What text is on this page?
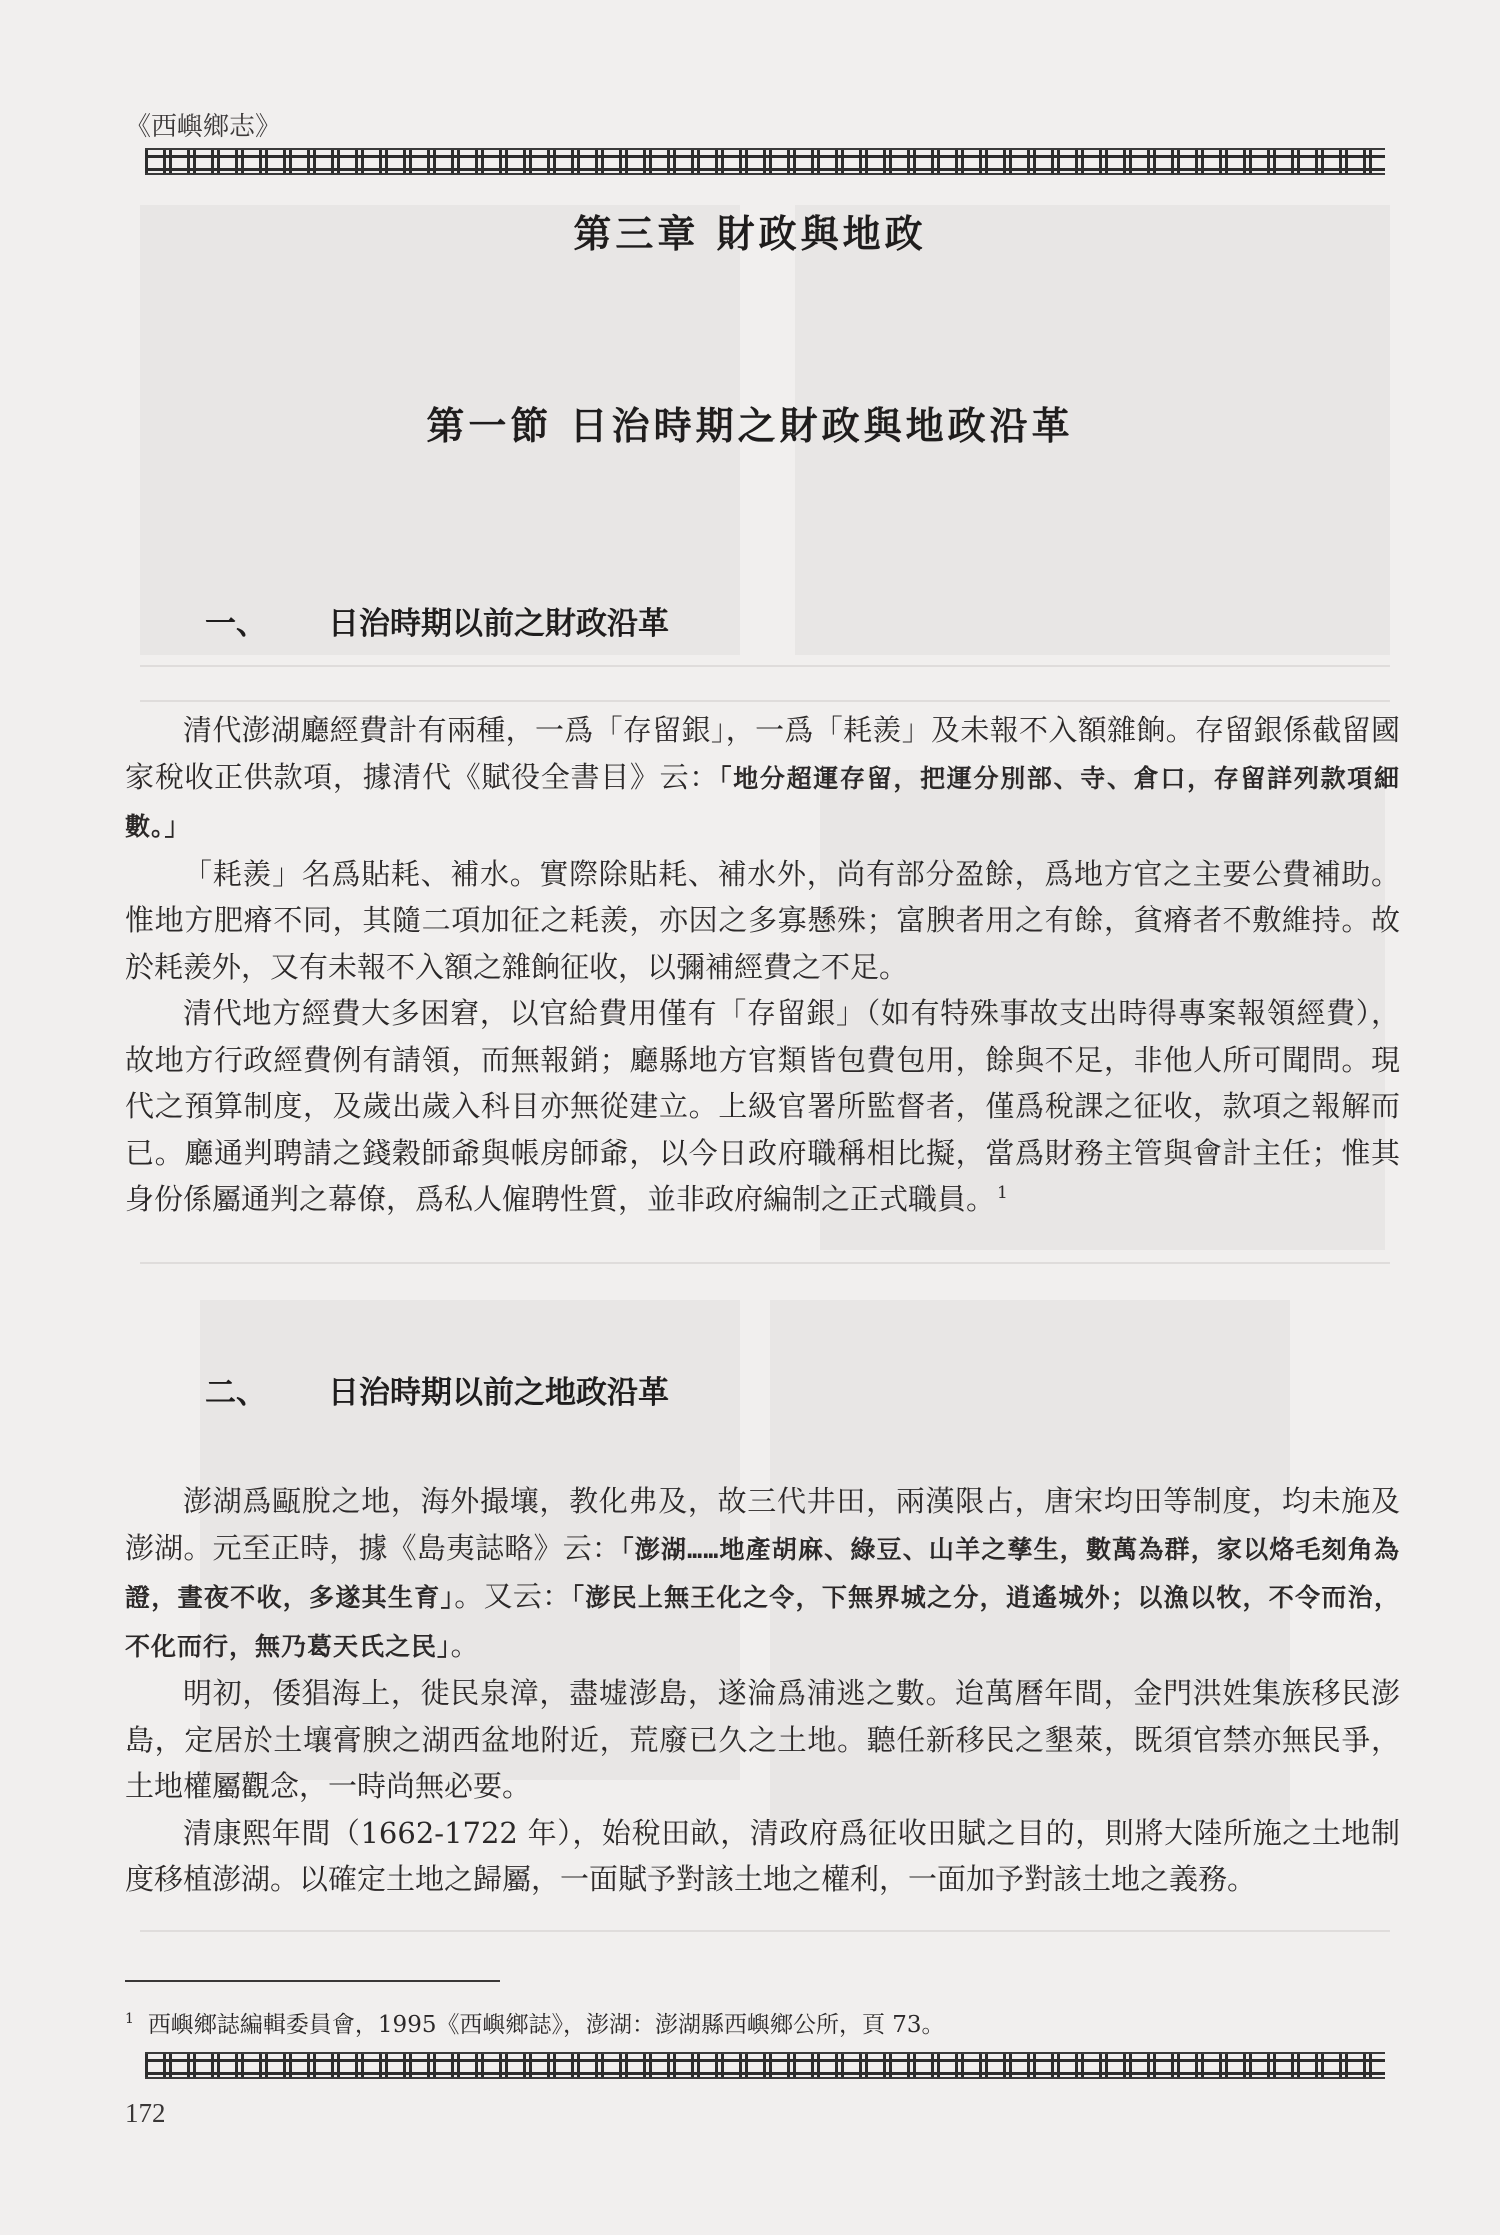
《西嶼鄉志》
第三章 財政與地政
第一節 日治時期之財政與地政沿革
一、 日治時期以前之財政沿革

清代澎湖廳經費計有兩種，一爲「存留銀」，一爲「耗羨」及未報不入額雜餉。存留銀係截留國家稅收正供款項，據清代《賦役全書目》云：「地分超運存留，把運分別部、寺、倉口，存留詳列款項細數。」

「耗羨」名爲貼耗、補水。實際除貼耗、補水外，尚有部分盈餘，爲地方官之主要公費補助。惟地方肥瘠不同，其隨二項加征之耗羨，亦因之多寡懸殊；富腴者用之有餘，貧瘠者不敷維持。故於耗羨外，又有未報不入額之雜餉征收，以彌補經費之不足。

清代地方經費大多困窘，以官給費用僅有「存留銀」（如有特殊事故支出時得專案報領經費），故地方行政經費例有請領，而無報銷；廳縣地方官類皆包費包用，餘與不足，非他人所可聞問。現代之預算制度，及歲出歲入科目亦無從建立。上級官署所監督者，僅爲稅課之征收，款項之報解而已。廳通判聘請之錢穀師爺與帳房師爺，以今日政府職稱相比擬，當爲財務主管與會計主任；惟其身份係屬通判之幕僚，爲私人僱聘性質，並非政府編制之正式職員。 $^1$

二、 日治時期以前之地政沿革

澎湖爲甌脫之地，海外撮壤，教化弗及，故三代井田，兩漢限占，唐宋均田等制度，均未施及澎湖。元至正時，據《島夷誌略》云：「澎湖……地產胡麻、綠豆、山羊之孳生，數萬為群，家以烙毛刻角為證，晝夜不收，多遂其生育」。又云：「澎民上無王化之令，下無界城之分，逍遙城外；以漁以牧，不令而治，不化而行，無乃葛天氏之民」。

明初，倭猖海上，徙民泉漳，盡墟澎島，遂淪爲浦逃之數。迨萬曆年間，金門洪姓集族移民澎島，定居於土壤膏腴之湖西盆地附近，荒廢已久之土地。聽任新移民之墾萊，既須官禁亦無民爭，土地權屬觀念，一時尚無必要。

清康熙年間（1662-1722 年），始稅田畝，清政府爲征收田賦之目的，則將大陸所施之土地制度移植澎湖。以確定土地之歸屬，一面賦予對該土地之權利，一面加予對該土地之義務。

$^1$ 西嶼鄉誌編輯委員會，1995《西嶼鄉誌》，澎湖：澎湖縣西嶼鄉公所，頁 73。
172
